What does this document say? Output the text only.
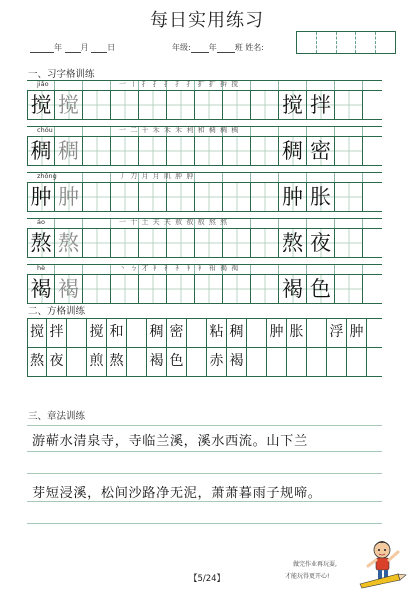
每日实用练习
年 月 日	年级: 年 班 姓名:
一、习字格训练
jiǎo	一 丨 扌 扌 扌 扌 扌 扩 扩 拚 搅
搅 搅	搅 拌
chóu	一 二 千 禾 禾 禾 利 和 稠 稠 稠
稠 稠	稠 密
zhǒng	丿 刀 月 月 肌 肿 肿
肿 肿	肿 胀
áo	一 十 土 夫 夫 敖 敖 敖 熬 熬
熬 熬	熬 夜
hè	丶 ㄅ 才 衤 衤 衤 衤 衤 衵 褐 褐
褐 褐	褐 色
二、方格训练
搅 拌 搅 和 稠 密 粘 稠 肿 胀 浮 肿
熬 夜 煎 熬 褐 色 赤 褐
三、章法训练
游蕲水清泉寺，寺临兰溪，溪水西流。山下兰
芽短浸溪，松间沙路净无泥，萧萧暮雨子规啼。
【5/24】
做完作业再玩耍,
才能玩得更开心!
